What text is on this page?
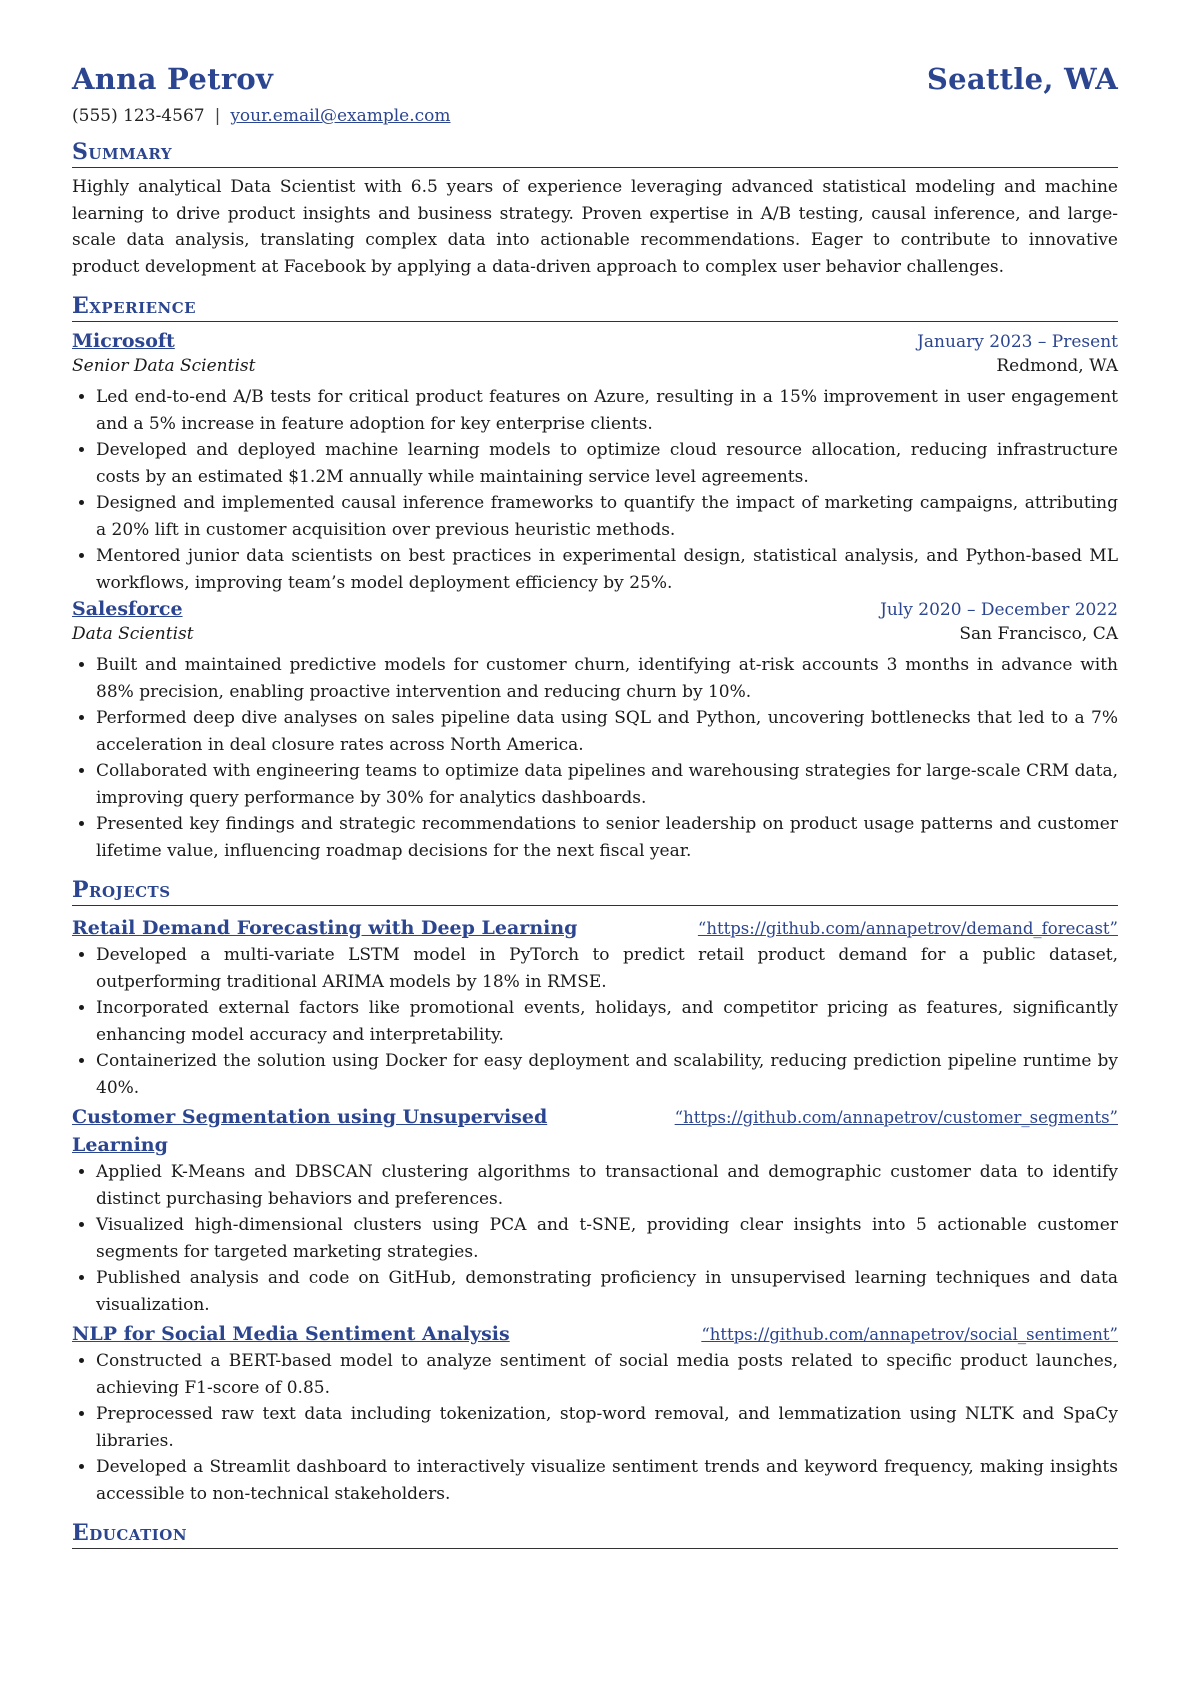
Anna Petrov	Seattle, WA
(555) 123-4567 | your.email@example.com
Summary
Highly analytical Data Scientist with 6.5 years of experience leveraging advanced statistical modeling and machine learning to drive product insights and business strategy. Proven expertise in A/B testing, causal inference, and large-scale data analysis, translating complex data into actionable recommendations. Eager to contribute to innovative product development at Facebook by applying a data-driven approach to complex user behavior challenges.
Experience
Microsoft	January 2023 – Present
Senior Data Scientist	Redmond, WA
• Led end-to-end A/B tests for critical product features on Azure, resulting in a 15% improvement in user engagement and a 5% increase in feature adoption for key enterprise clients.
• Developed and deployed machine learning models to optimize cloud resource allocation, reducing infrastructure costs by an estimated $1.2M annually while maintaining service level agreements.
• Designed and implemented causal inference frameworks to quantify the impact of marketing campaigns, attributing a 20% lift in customer acquisition over previous heuristic methods.
• Mentored junior data scientists on best practices in experimental design, statistical analysis, and Python-based ML workflows, improving team’s model deployment efficiency by 25%.
Salesforce	July 2020 – December 2022
Data Scientist	San Francisco, CA
• Built and maintained predictive models for customer churn, identifying at-risk accounts 3 months in advance with 88% precision, enabling proactive intervention and reducing churn by 10%.
• Performed deep dive analyses on sales pipeline data using SQL and Python, uncovering bottlenecks that led to a 7% acceleration in deal closure rates across North America.
• Collaborated with engineering teams to optimize data pipelines and warehousing strategies for large-scale CRM data, improving query performance by 30% for analytics dashboards.
• Presented key findings and strategic recommendations to senior leadership on product usage patterns and customer lifetime value, influencing roadmap decisions for the next fiscal year.
Projects
Retail Demand Forecasting with Deep Learning	“https://github.com/annapetrov/demand_forecast”
• Developed a multi-variate LSTM model in PyTorch to predict retail product demand for a public dataset, outperforming traditional ARIMA models by 18% in RMSE.
• Incorporated external factors like promotional events, holidays, and competitor pricing as features, significantly enhancing model accuracy and interpretability.
• Containerized the solution using Docker for easy deployment and scalability, reducing prediction pipeline runtime by 40%.
Customer Segmentation using Unsupervised Learning
“https://github.com/annapetrov/customer_segments”
• Applied K-Means and DBSCAN clustering algorithms to transactional and demographic customer data to identify distinct purchasing behaviors and preferences.
• Visualized high-dimensional clusters using PCA and t-SNE, providing clear insights into 5 actionable customer segments for targeted marketing strategies.
• Published analysis and code on GitHub, demonstrating proficiency in unsupervised learning techniques and data visualization.
NLP for Social Media Sentiment Analysis	“https://github.com/annapetrov/social_sentiment”
• Constructed a BERT-based model to analyze sentiment of social media posts related to specific product launches, achieving F1-score of 0.85.
• Preprocessed raw text data including tokenization, stop-word removal, and lemmatization using NLTK and SpaCy libraries.
• Developed a Streamlit dashboard to interactively visualize sentiment trends and keyword frequency, making insights accessible to non-technical stakeholders.
Education
